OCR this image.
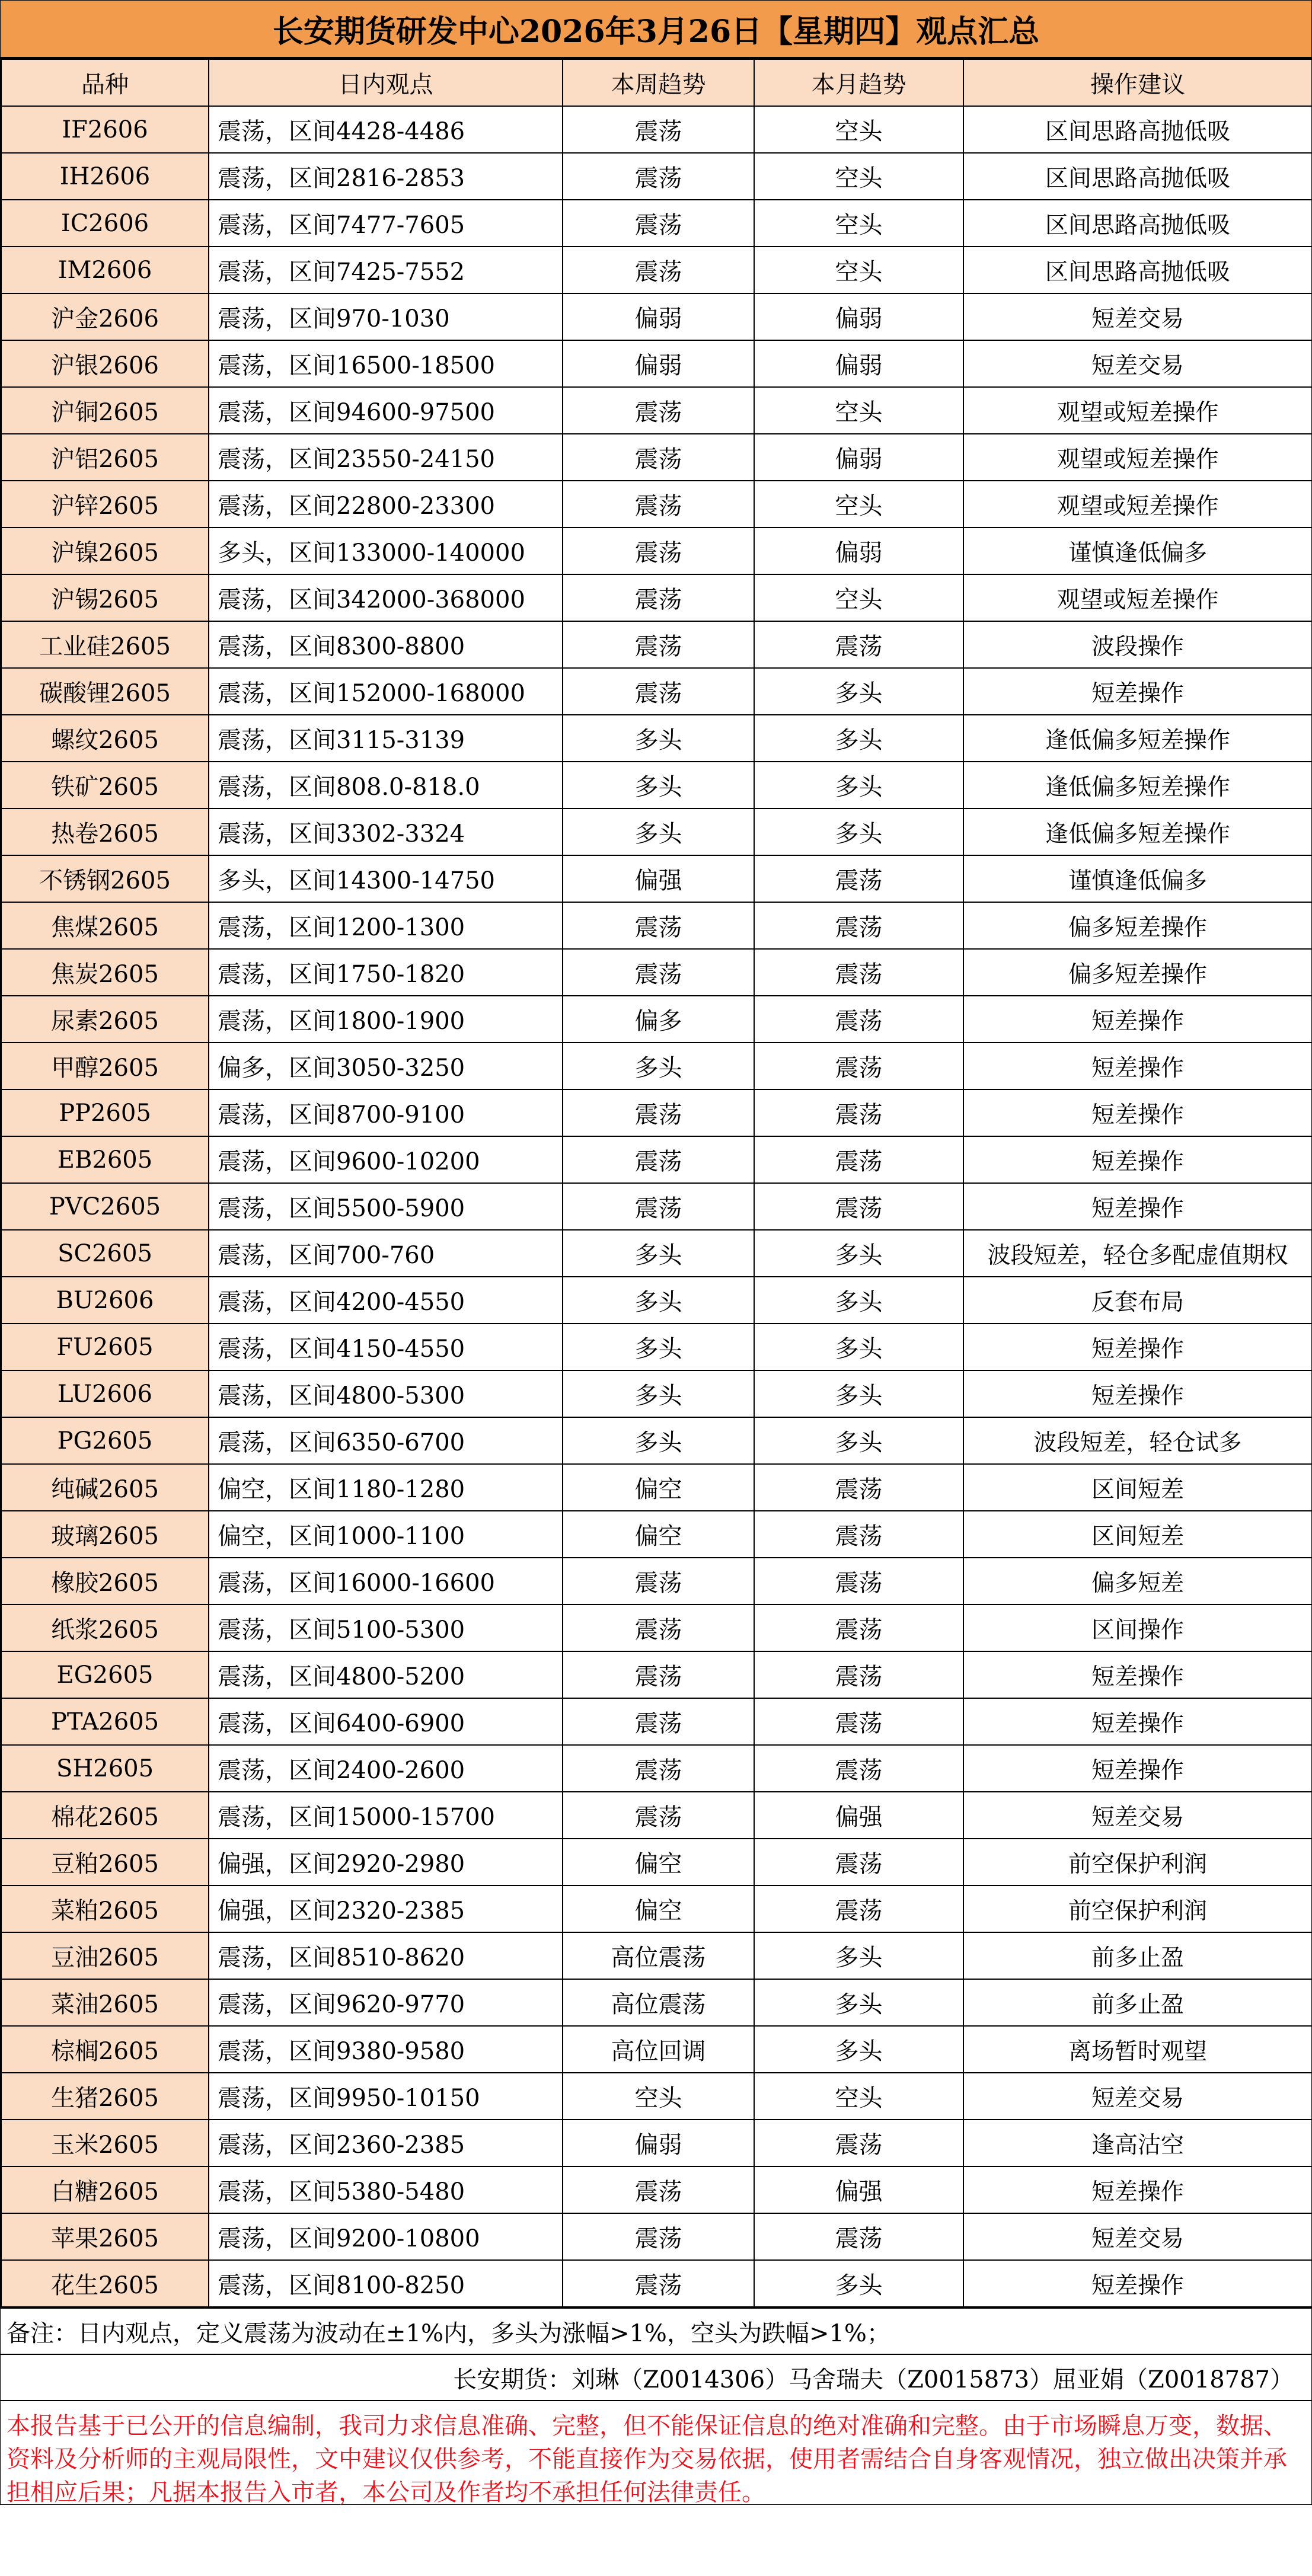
长安期货研发中心2026年3月26日【星期四】观点汇总
品种	日内观点	本周趋势	本月趋势	操作建议
IF2606	震荡，区间4428-4486	震荡	空头	区间思路高抛低吸
IH2606	震荡，区间2816-2853	震荡	空头	区间思路高抛低吸
IC2606	震荡，区间7477-7605	震荡	空头	区间思路高抛低吸
IM2606	震荡，区间7425-7552	震荡	空头	区间思路高抛低吸
沪金2606	震荡，区间970-1030	偏弱	偏弱	短差交易
沪银2606	震荡，区间16500-18500	偏弱	偏弱	短差交易
沪铜2605	震荡，区间94600-97500	震荡	空头	观望或短差操作
沪铝2605	震荡，区间23550-24150	震荡	偏弱	观望或短差操作
沪锌2605	震荡，区间22800-23300	震荡	空头	观望或短差操作
沪镍2605	多头，区间133000-140000	震荡	偏弱	谨慎逢低偏多
沪锡2605	震荡，区间342000-368000	震荡	空头	观望或短差操作
工业硅2605	震荡，区间8300-8800	震荡	震荡	波段操作
碳酸锂2605	震荡，区间152000-168000	震荡	多头	短差操作
螺纹2605	震荡，区间3115-3139	多头	多头	逢低偏多短差操作
铁矿2605	震荡，区间808.0-818.0	多头	多头	逢低偏多短差操作
热卷2605	震荡，区间3302-3324	多头	多头	逢低偏多短差操作
不锈钢2605	多头，区间14300-14750	偏强	震荡	谨慎逢低偏多
焦煤2605	震荡，区间1200-1300	震荡	震荡	偏多短差操作
焦炭2605	震荡，区间1750-1820	震荡	震荡	偏多短差操作
尿素2605	震荡，区间1800-1900	偏多	震荡	短差操作
甲醇2605	偏多，区间3050-3250	多头	震荡	短差操作
PP2605	震荡，区间8700-9100	震荡	震荡	短差操作
EB2605	震荡，区间9600-10200	震荡	震荡	短差操作
PVC2605	震荡，区间5500-5900	震荡	震荡	短差操作
SC2605	震荡，区间700-760	多头	多头	波段短差，轻仓多配虚值期权
BU2606	震荡，区间4200-4550	多头	多头	反套布局
FU2605	震荡，区间4150-4550	多头	多头	短差操作
LU2606	震荡，区间4800-5300	多头	多头	短差操作
PG2605	震荡，区间6350-6700	多头	多头	波段短差，轻仓试多
纯碱2605	偏空，区间1180-1280	偏空	震荡	区间短差
玻璃2605	偏空，区间1000-1100	偏空	震荡	区间短差
橡胶2605	震荡，区间16000-16600	震荡	震荡	偏多短差
纸浆2605	震荡，区间5100-5300	震荡	震荡	区间操作
EG2605	震荡，区间4800-5200	震荡	震荡	短差操作
PTA2605	震荡，区间6400-6900	震荡	震荡	短差操作
SH2605	震荡，区间2400-2600	震荡	震荡	短差操作
棉花2605	震荡，区间15000-15700	震荡	偏强	短差交易
豆粕2605	偏强，区间2920-2980	偏空	震荡	前空保护利润
菜粕2605	偏强，区间2320-2385	偏空	震荡	前空保护利润
豆油2605	震荡，区间8510-8620	高位震荡	多头	前多止盈
菜油2605	震荡，区间9620-9770	高位震荡	多头	前多止盈
棕榈2605	震荡，区间9380-9580	高位回调	多头	离场暂时观望
生猪2605	震荡，区间9950-10150	空头	空头	短差交易
玉米2605	震荡，区间2360-2385	偏弱	震荡	逢高沽空
白糖2605	震荡，区间5380-5480	震荡	偏强	短差操作
苹果2605	震荡，区间9200-10800	震荡	震荡	短差交易
花生2605	震荡，区间8100-8250	震荡	多头	短差操作
备注：日内观点，定义震荡为波动在±1%内，多头为涨幅>1%，空头为跌幅>1%；
长安期货：刘琳（Z0014306）马舍瑞夫（Z0015873）屈亚娟（Z0018787）
本报告基于已公开的信息编制，我司力求信息准确、完整，但不能保证信息的绝对准确和完整。由于市场瞬息万变，数据、资料及分析师的主观局限性，文中建议仅供参考，不能直接作为交易依据，使用者需结合自身客观情况，独立做出决策并承担相应后果；凡据本报告入市者，本公司及作者均不承担任何法律责任。
